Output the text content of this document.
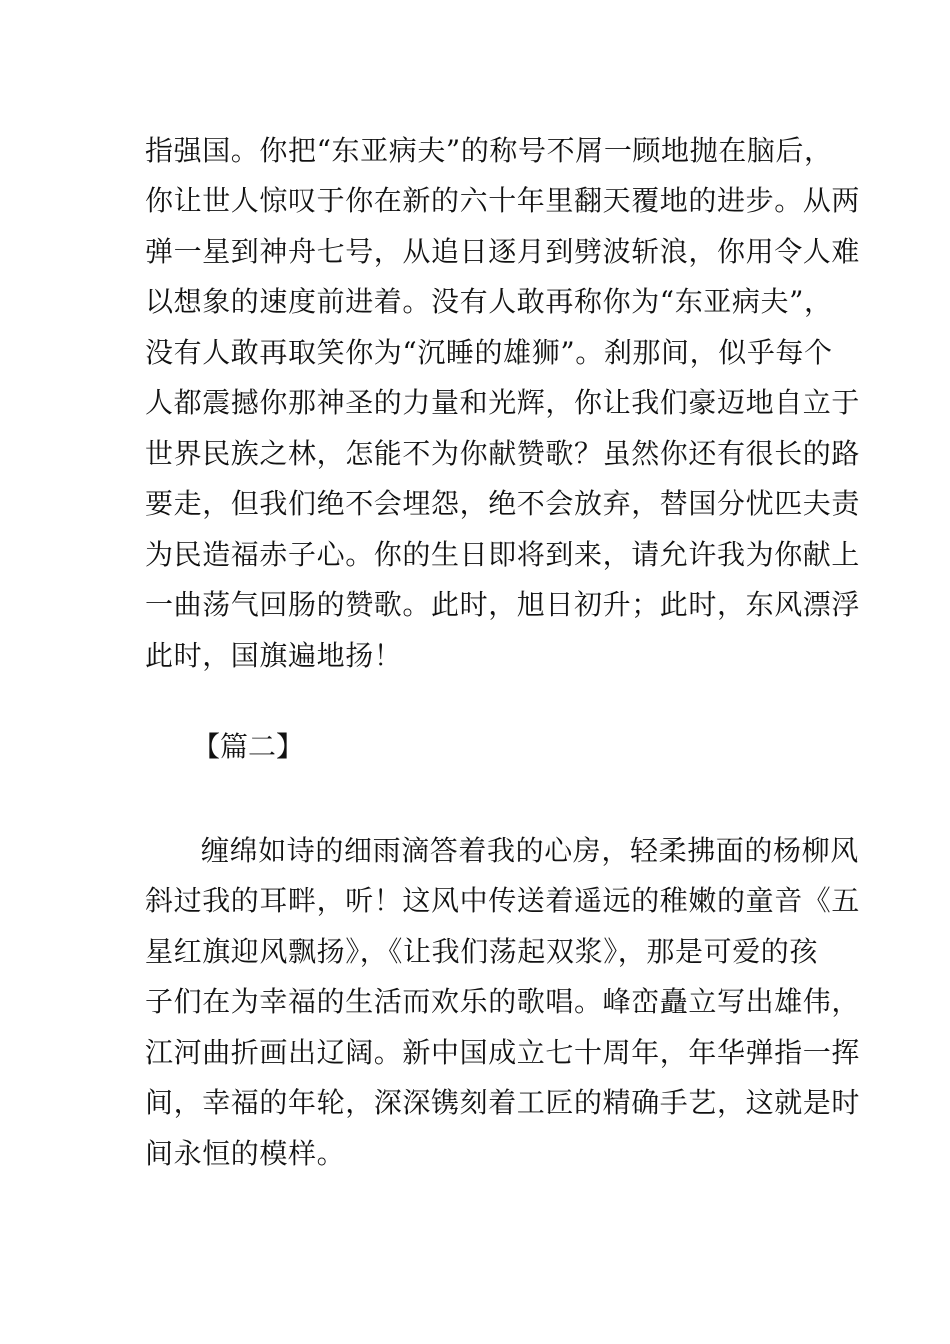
指强国。你把“东亚病夫”的称号不屑一顾地抛在脑后，
你让世人惊叹于你在新的六十年里翻天覆地的进步。从两
弹一星到神舟七号，从追日逐月到劈波斩浪，你用令人难
以想象的速度前进着。没有人敢再称你为“东亚病夫”，
没有人敢再取笑你为“沉睡的雄狮”。刹那间，似乎每个
人都震撼你那神圣的力量和光辉，你让我们豪迈地自立于
世界民族之林，怎能不为你献赞歌？虽然你还有很长的路
要走，但我们绝不会埋怨，绝不会放弃，替国分忧匹夫责
为民造福赤子心。你的生日即将到来，请允许我为你献上
一曲荡气回肠的赞歌。此时，旭日初升；此时，东风漂浮
此时，国旗遍地扬！
【篇二】
缠绵如诗的细雨滴答着我的心房，轻柔拂面的杨柳风
斜过我的耳畔，听！这风中传送着遥远的稚嫩的童音《五
星红旗迎风飘扬》，《让我们荡起双浆》，那是可爱的孩
子们在为幸福的生活而欢乐的歌唱。峰峦矗立写出雄伟，
江河曲折画出辽阔。新中国成立七十周年，年华弹指一挥
间，幸福的年轮，深深镌刻着工匠的精确手艺，这就是时
间永恒的模样。
